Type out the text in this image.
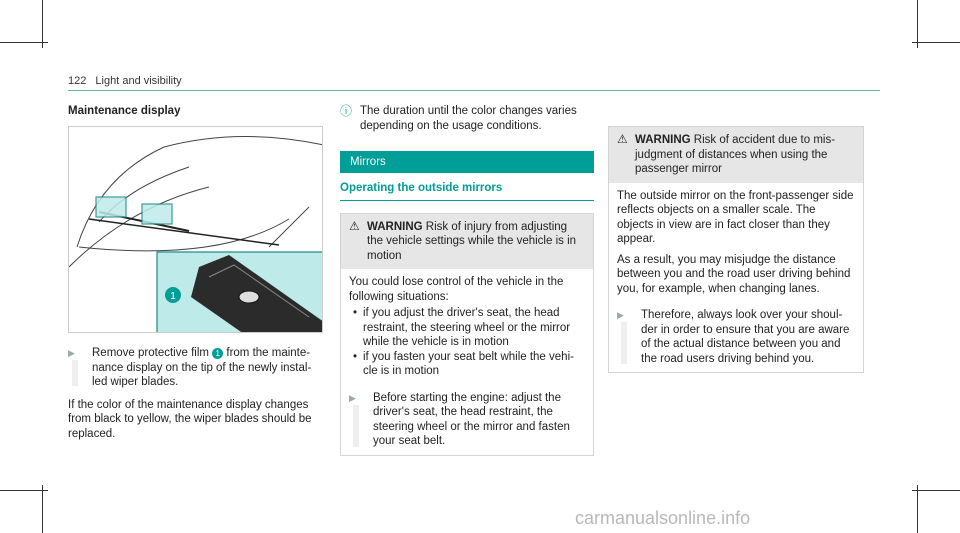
122 Light and visibility
Maintenance display
1
▶ Remove protective film 1 from the mainte- nance display on the tip of the newly instal- led wiper blades.
If the color of the maintenance display changes from black to yellow, the wiper blades should be replaced.
ⓘ The duration until the color changes varies depending on the usage conditions.
Mirrors
Operating the outside mirrors
⚠ WARNING Risk of injury from adjusting the vehicle settings while the vehicle is in motion
You could lose control of the vehicle in the following situations:
• if you adjust the driver's seat, the head restraint, the steering wheel or the mirror while the vehicle is in motion
• if you fasten your seat belt while the vehi- cle is in motion
▶ Before starting the engine: adjust the driver's seat, the head restraint, the steering wheel or the mirror and fasten your seat belt.
⚠ WARNING Risk of accident due to mis- judgment of distances when using the passenger mirror
The outside mirror on the front-passenger side reflects objects on a smaller scale. The objects in view are in fact closer than they appear.
As a result, you may misjudge the distance between you and the road user driving behind you, for example, when changing lanes.
▶ Therefore, always look over your shoul- der in order to ensure that you are aware of the actual distance between you and the road users driving behind you.
carmanualsonline.info
